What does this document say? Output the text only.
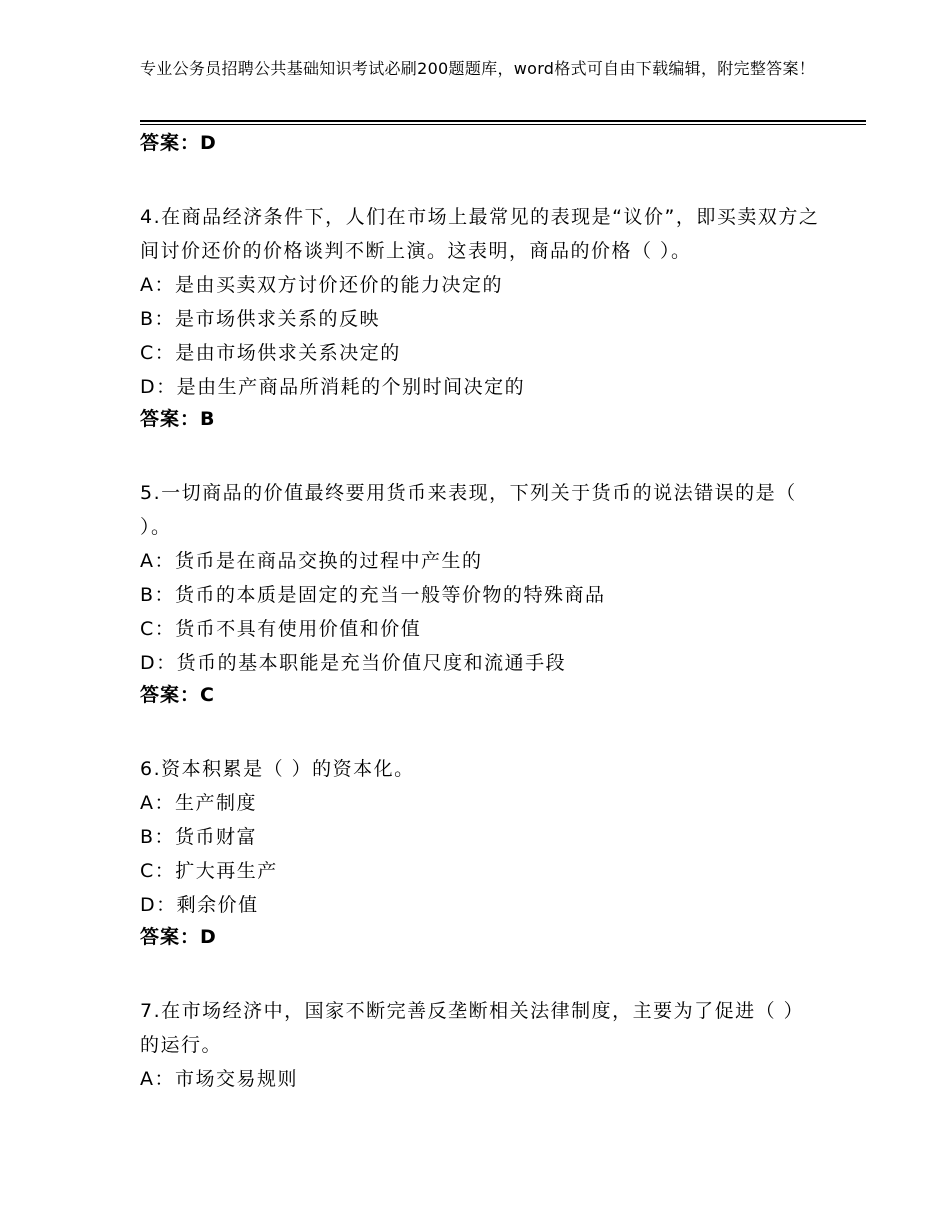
专业公务员招聘公共基础知识考试必刷200题题库，word格式可自由下载编辑，附完整答案！
答案：D
4.在商品经济条件下，人们在市场上最常见的表现是“议价”，即买卖双方之间讨价还价的价格谈判不断上演。这表明，商品的价格（ ）。
A：是由买卖双方讨价还价的能力决定的
B：是市场供求关系的反映
C：是由市场供求关系决定的
D：是由生产商品所消耗的个别时间决定的
答案：B
5.一切商品的价值最终要用货币来表现，下列关于货币的说法错误的是（ ）。
A：货币是在商品交换的过程中产生的
B：货币的本质是固定的充当一般等价物的特殊商品
C：货币不具有使用价值和价值
D：货币的基本职能是充当价值尺度和流通手段
答案：C
6.资本积累是（ ）的资本化。
A：生产制度
B：货币财富
C：扩大再生产
D：剩余价值
答案：D
7.在市场经济中，国家不断完善反垄断相关法律制度，主要为了促进（ ）的运行。
A：市场交易规则
